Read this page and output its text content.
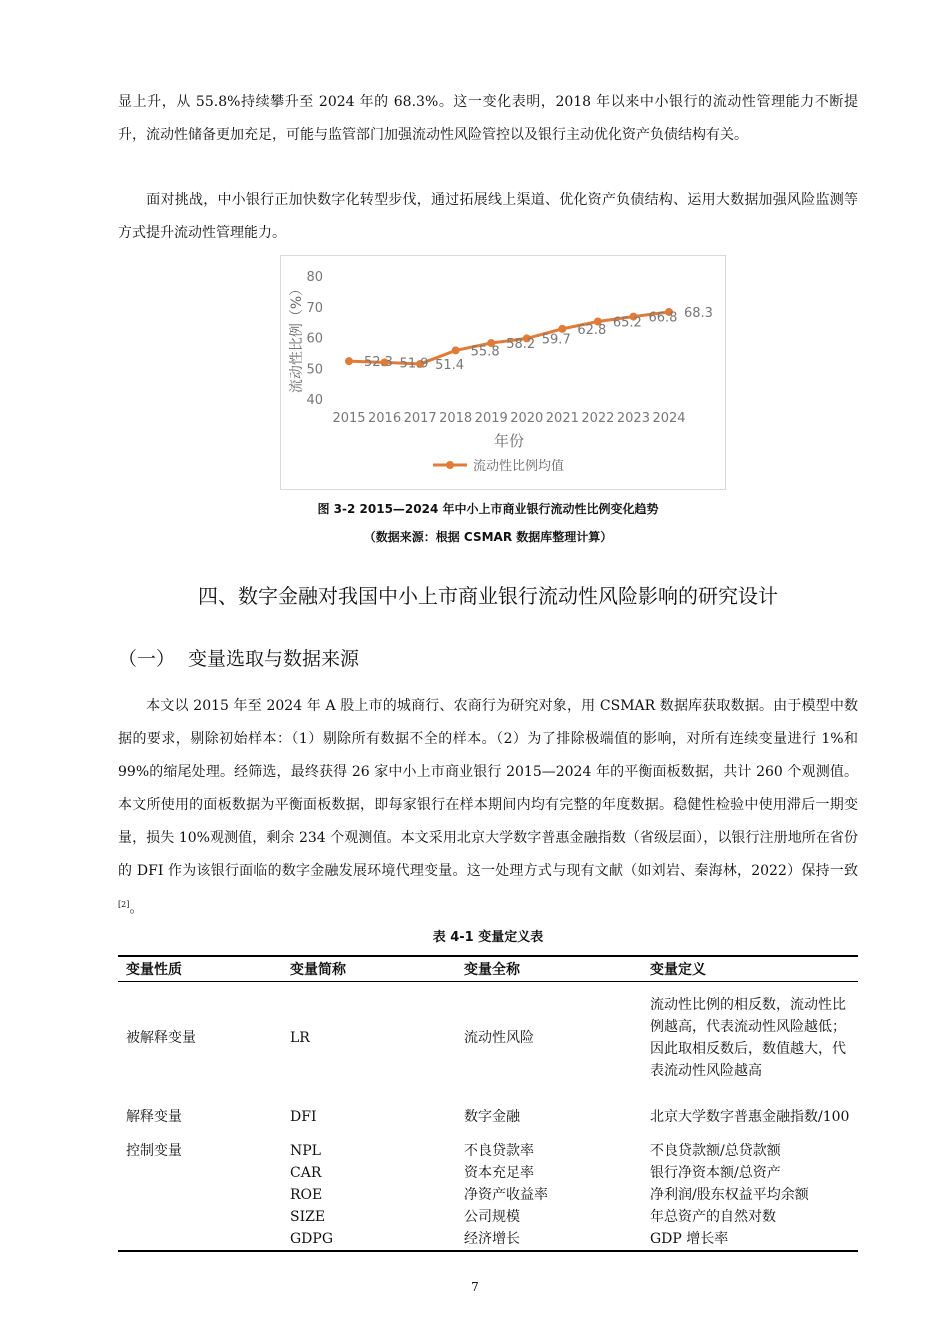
显上升，从 55.8%持续攀升至 2024 年的 68.3%。这一变化表明，2018 年以来中小银行的流动性管理能力不断提升，流动性储备更加充足，可能与监管部门加强流动性风险管控以及银行主动优化资产负债结构有关。
面对挑战，中小银行正加快数字化转型步伐，通过拓展线上渠道、优化资产负债结构、运用大数据加强风险监测等方式提升流动性管理能力。
40
50
60
70
80
2015 2016 2017 2018 2019 2020 2021 2022 2023 2024
年份
流动性比例（%）	52.3 51.9 51.4
55.8 58.2 59.7
62.8 65.2 66.8 68.3
流动性比例均值
图 3-2 2015—2024 年中小上市商业银行流动性比例变化趋势
（数据来源：根据 CSMAR 数据库整理计算）
四、数字金融对我国中小上市商业银行流动性风险影响的研究设计
（一） 变量选取与数据来源
本文以 2015 年至 2024 年 A 股上市的城商行、农商行为研究对象，用 CSMAR 数据库获取数据。由于模型中数据的要求，剔除初始样本：（1）剔除所有数据不全的样本。（2）为了排除极端值的影响，对所有连续变量进行 1%和 99%的缩尾处理。经筛选，最终获得 26 家中小上市商业银行 2015—2024 年的平衡面板数据，共计 260 个观测值。本文所使用的面板数据为平衡面板数据，即每家银行在样本期间内均有完整的年度数据。稳健性检验中使用滞后一期变量，损失 10%观测值，剩余 234 个观测值。本文采用北京大学数字普惠金融指数（省级层面），以银行注册地所在省份的 DFI 作为该银行面临的数字金融发展环境代理变量。这一处理方式与现有文献（如刘岩、秦海林，2022）保持一致[2]。
表 4-1 变量定义表
变量性质	变量简称	变量全称	变量定义
被解释变量	LR	流动性风险	流动性比例的相反数，流动性比例越高，代表流动性风险越低；因此取相反数后，数值越大，代表流动性风险越高
解释变量	DFI	数字金融	北京大学数字普惠金融指数/100
控制变量	NPL	不良贷款率	不良贷款额/总贷款额
	CAR	资本充足率	银行净资本额/总资产
	ROE	净资产收益率	净利润/股东权益平均余额
	SIZE	公司规模	年总资产的自然对数
	GDPG	经济增长	GDP 增长率
7
